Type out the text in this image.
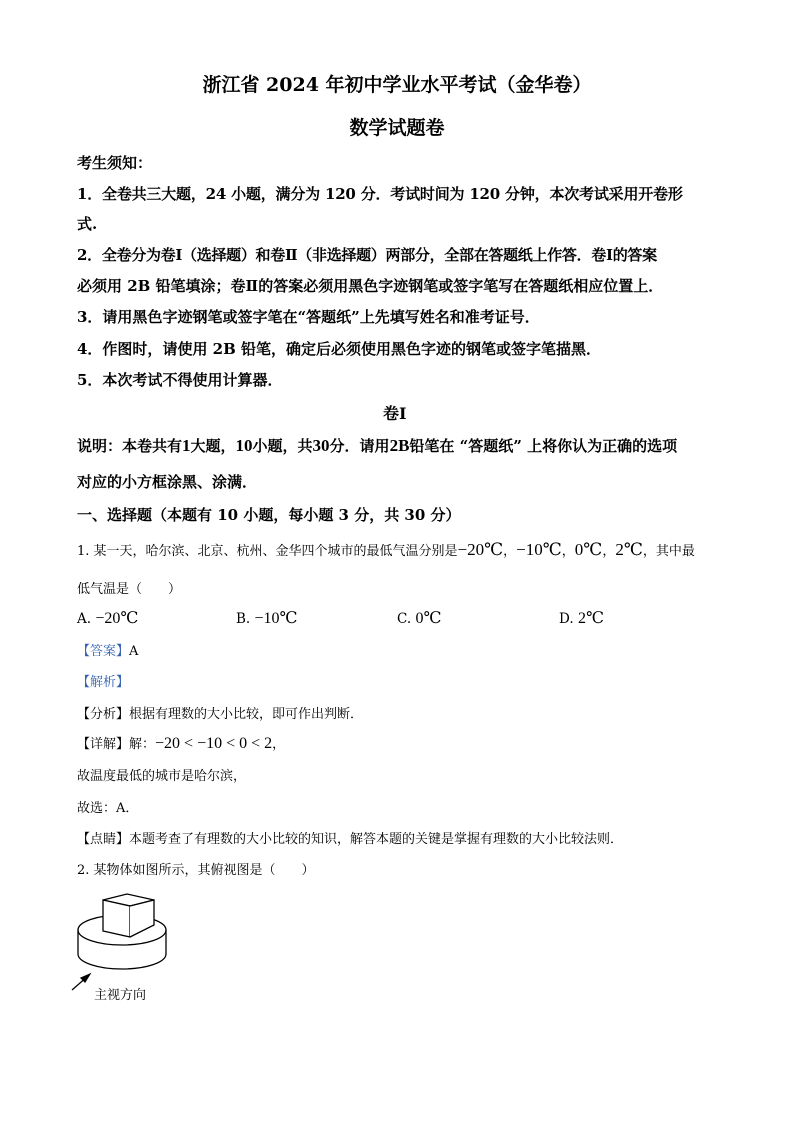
浙江省 2024 年初中学业水平考试（金华卷）
数学试题卷
考生须知：
1．全卷共三大题，24 小题，满分为 120 分．考试时间为 120 分钟，本次考试采用开卷形
式.
2．全卷分为卷Ⅰ（选择题）和卷Ⅱ（非选择题）两部分，全部在答题纸上作答．卷Ⅰ的答案
必须用 2B 铅笔填涂；卷Ⅱ的答案必须用黑色字迹钢笔或签字笔写在答题纸相应位置上．
3．请用黑色字迹钢笔或签字笔在“答题纸”上先填写姓名和准考证号．
4．作图时，请使用 2B 铅笔，确定后必须使用黑色字迹的钢笔或签字笔描黑．
5．本次考试不得使用计算器．
卷Ⅰ
说明：本卷共有1大题，10小题，共30分．请用2B铅笔在 “答题纸” 上将你认为正确的选项
对应的小方框涂黑、涂满．
一、选择题（本题有 10 小题，每小题 3 分，共 30 分）
1. 某一天，哈尔滨、北京、杭州、金华四个城市的最低气温分别是−20℃，−10℃，0℃，2℃，其中最
低气温是（　　）
A. −20℃	B. −10℃	C. 0℃	D. 2℃
【答案】A
【解析】
【分析】根据有理数的大小比较，即可作出判断．
【详解】解：−20 < −10 < 0 < 2，
故温度最低的城市是哈尔滨，
故选：A．
【点睛】本题考查了有理数的大小比较的知识，解答本题的关键是掌握有理数的大小比较法则．
2. 某物体如图所示，其俯视图是（　　）
主视方向
